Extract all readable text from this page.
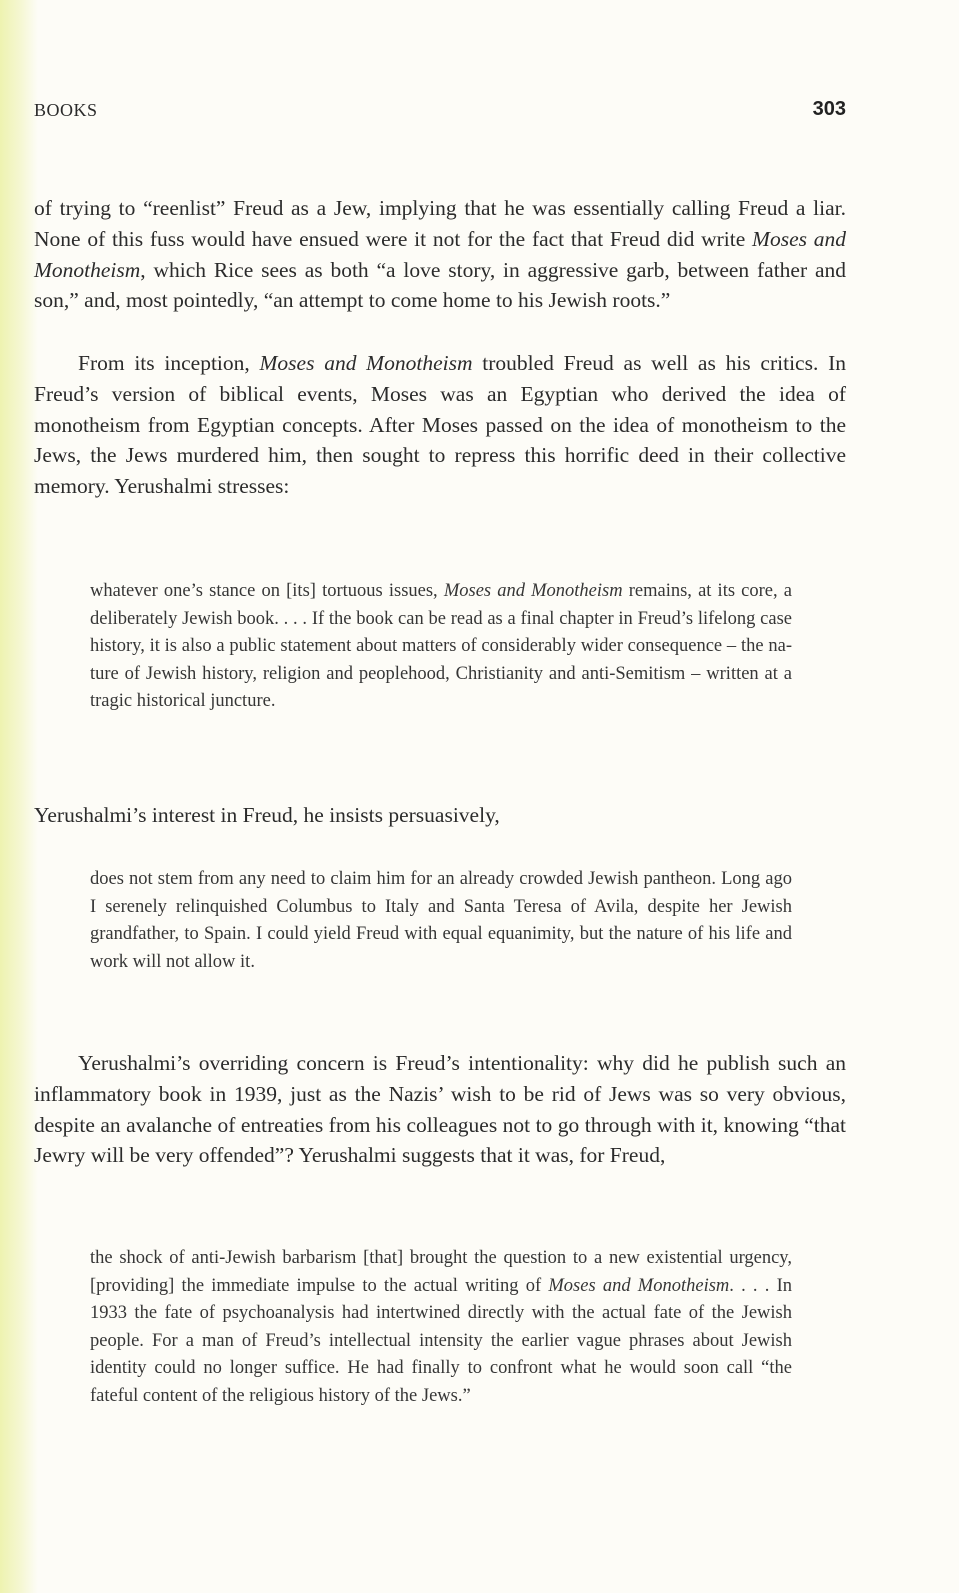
BOOKS	303

of trying to “reenlist” Freud as a Jew, implying that he was essentially calling Freud a liar. None of this fuss would have ensued were it not for the fact that Freud did write Moses and Monotheism, which Rice sees as both “a love story, in aggressive garb, between father and son,” and, most pointedly, “an attempt to come home to his Jewish roots.”

From its inception, Moses and Monotheism troubled Freud as well as his critics. In Freud’s version of biblical events, Moses was an Egyptian who derived the idea of monotheism from Egyptian concepts. After Moses passed on the idea of monotheism to the Jews, the Jews murdered him, then sought to repress this horrific deed in their collective memory. Yerushalmi stresses:

whatever one’s stance on [its] tortuous issues, Moses and Monotheism remains, at its core, a deliberately Jewish book. . . . If the book can be read as a final chapter in Freud’s lifelong case history, it is also a public statement about matters of considerably wider consequence – the nature of Jewish history, religion and peoplehood, Christianity and anti-Semitism – written at a tragic historical juncture.

Yerushalmi’s interest in Freud, he insists persuasively,

does not stem from any need to claim him for an already crowded Jewish pantheon. Long ago I serenely relinquished Columbus to Italy and Santa Teresa of Avila, despite her Jewish grandfather, to Spain. I could yield Freud with equal equanimity, but the nature of his life and work will not allow it.

Yerushalmi’s overriding concern is Freud’s intentionality: why did he publish such an inflammatory book in 1939, just as the Nazis’ wish to be rid of Jews was so very obvious, despite an avalanche of entreaties from his colleagues not to go through with it, knowing “that Jewry will be very offended”? Yerushalmi suggests that it was, for Freud,

the shock of anti-Jewish barbarism [that] brought the question to a new existential urgency, [providing] the immediate impulse to the actual writing of Moses and Monotheism. . . . In 1933 the fate of psychoanalysis had intertwined directly with the actual fate of the Jewish people. For a man of Freud’s intellectual intensity the earlier vague phrases about Jewish identity could no longer suffice. He had finally to confront what he would soon call “the fateful content of the religious history of the Jews.”
